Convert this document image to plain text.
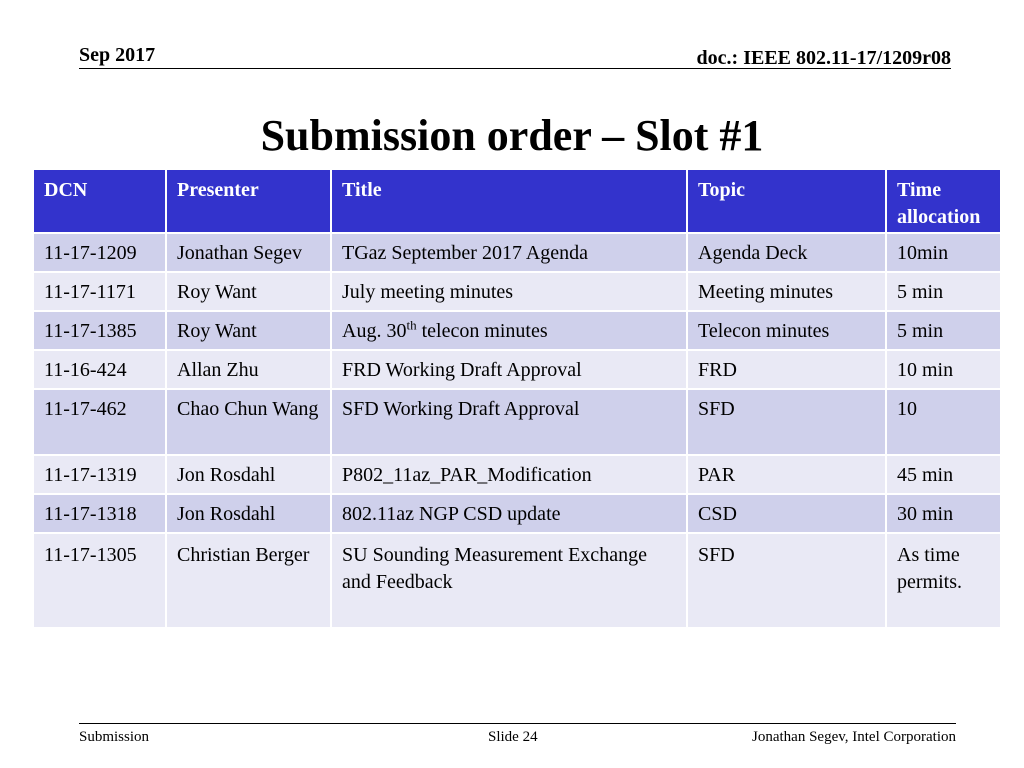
Sep 2017	doc.: IEEE 802.11-17/1209r08
Submission order – Slot #1
DCN	Presenter	Title	Topic	Time allocation
11-17-1209	Jonathan Segev	TGaz September 2017 Agenda	Agenda Deck	10min
11-17-1171	Roy Want	July meeting minutes	Meeting minutes	5 min
11-17-1385	Roy Want	Aug. 30th telecon minutes	Telecon minutes	5 min
11-16-424	Allan Zhu	FRD Working Draft Approval	FRD	10 min
11-17-462	Chao Chun Wang	SFD Working Draft Approval	SFD	10
11-17-1319	Jon Rosdahl	P802_11az_PAR_Modification	PAR	45 min
11-17-1318	Jon Rosdahl	802.11az NGP CSD update	CSD	30 min
11-17-1305	Christian Berger	SU Sounding Measurement Exchange and Feedback	SFD	As time permits.
Submission	Slide 24	Jonathan Segev, Intel Corporation
